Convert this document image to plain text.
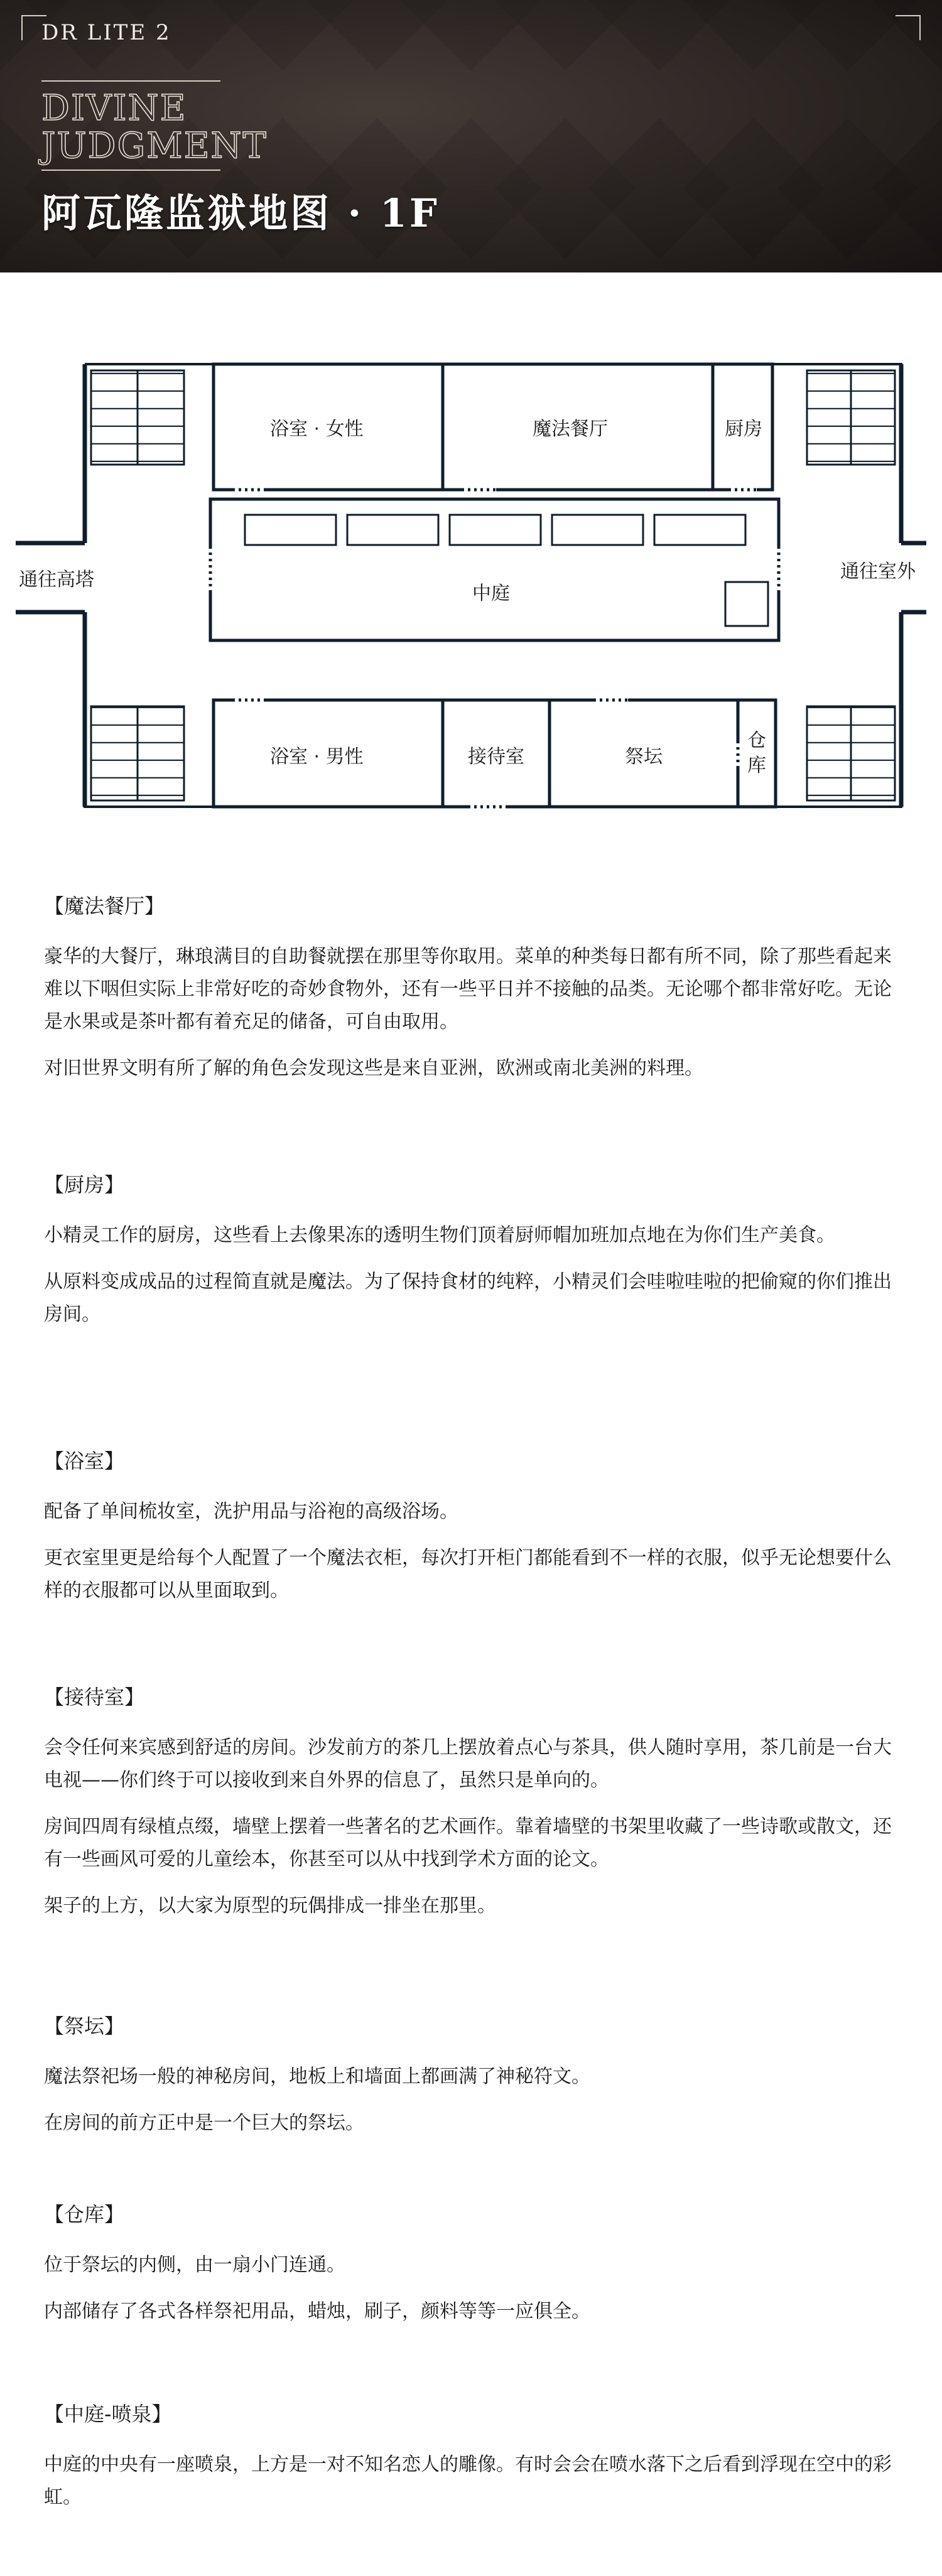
DR LITE 2
DIVINE
JUDGMENT
阿瓦隆监狱地图 · 1F
浴室 · 女性	魔法餐厅	厨房
中庭
浴室 · 男性	接待室	祭坛
仓
库
通往高塔	通往室外
【魔法餐厅】

豪华的大餐厅，琳琅满目的自助餐就摆在那里等你取用。菜单的种类每日都有所不同，除了那些看起来难以下咽但实际上非常好吃的奇妙食物外，还有一些平日并不接触的品类。无论哪个都非常好吃。无论是水果或是茶叶都有着充足的储备，可自由取用。

对旧世界文明有所了解的角色会发现这些是来自亚洲，欧洲或南北美洲的料理。

【厨房】

小精灵工作的厨房，这些看上去像果冻的透明生物们顶着厨师帽加班加点地在为你们生产美食。

从原料变成成品的过程简直就是魔法。为了保持食材的纯粹，小精灵们会哇啦哇啦的把偷窥的你们推出房间。

【浴室】

配备了单间梳妆室，洗护用品与浴袍的高级浴场。

更衣室里更是给每个人配置了一个魔法衣柜，每次打开柜门都能看到不一样的衣服，似乎无论想要什么样的衣服都可以从里面取到。

【接待室】

会令任何来宾感到舒适的房间。沙发前方的茶几上摆放着点心与茶具，供人随时享用，茶几前是一台大电视——你们终于可以接收到来自外界的信息了，虽然只是单向的。

房间四周有绿植点缀，墙壁上摆着一些著名的艺术画作。靠着墙壁的书架里收藏了一些诗歌或散文，还有一些画风可爱的儿童绘本，你甚至可以从中找到学术方面的论文。

架子的上方，以大家为原型的玩偶排成一排坐在那里。

【祭坛】

魔法祭祀场一般的神秘房间，地板上和墙面上都画满了神秘符文。

在房间的前方正中是一个巨大的祭坛。

【仓库】

位于祭坛的内侧，由一扇小门连通。

内部储存了各式各样祭祀用品，蜡烛，刷子，颜料等等一应俱全。

【中庭-喷泉】

中庭的中央有一座喷泉，上方是一对不知名恋人的雕像。有时会会在喷水落下之后看到浮现在空中的彩虹。
